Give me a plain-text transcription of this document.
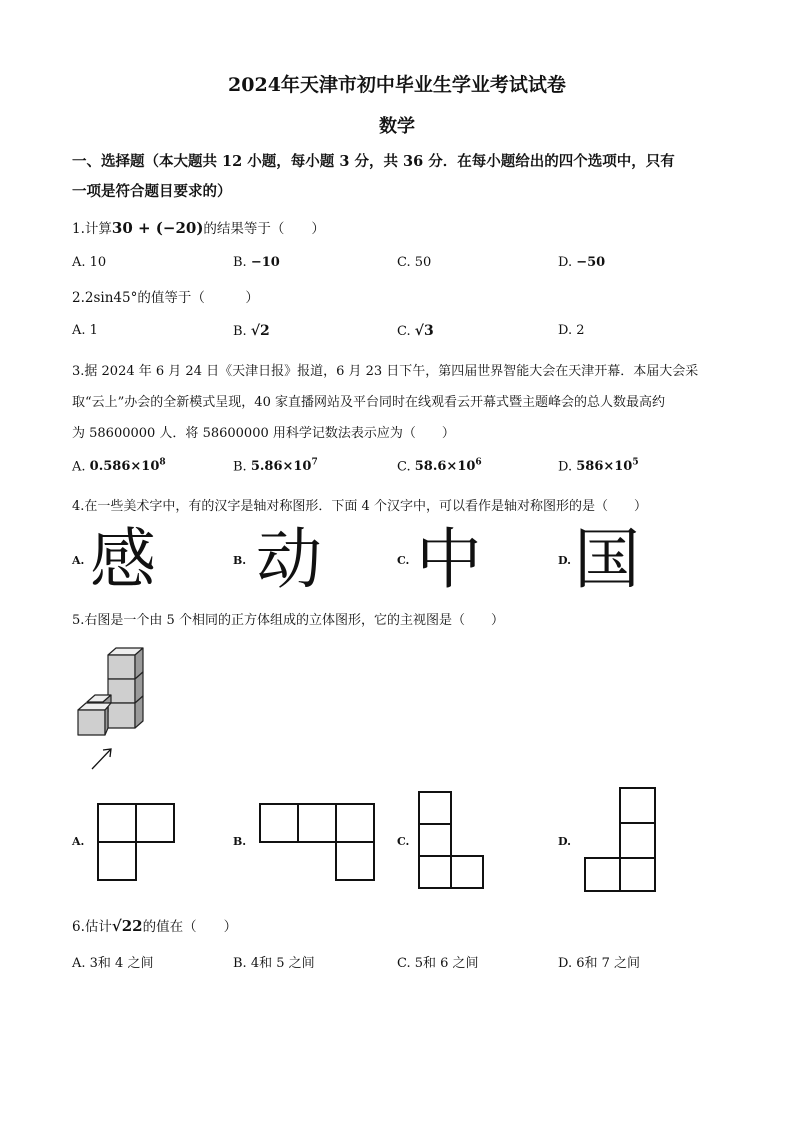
2024年天津市初中毕业生学业考试试卷
数学
一、选择题（本大题共 12 小题，每小题 3 分，共 36 分．在每小题给出的四个选项中，只有
一项是符合题目要求的）
1.计算30 + (−20)的结果等于（　　）
A. 10	B. −10	C. 50	D. −50
2.2sin45°的值等于（　　　）
A. 1	B. √2	C. √3	D. 2
3.据 2024 年 6 月 24 日《天津日报》报道，6 月 23 日下午，第四届世界智能大会在天津开幕．本届大会采
取“云上”办会的全新模式呈现，40 家直播网站及平台同时在线观看云开幕式暨主题峰会的总人数最高约
为 58600000 人．将 58600000 用科学记数法表示应为（　　）
A. $0.586\times 10^8$	B. $5.86\times 10^7$	C. $58.6\times 10^6$	D. $586\times 10^5$
4.在一些美术字中，有的汉字是轴对称图形．下面 4 个汉字中，可以看作是轴对称图形的是（　　）
A. 感	B. 动	C. 中	D. 国
5.右图是一个由 5 个相同的正方体组成的立体图形，它的主视图是（　　）
A.	B.	C.	D.
6.估计√22的值在（　　）
A. 3和 4 之间	B. 4和 5 之间	C. 5和 6 之间	D. 6和 7 之间
